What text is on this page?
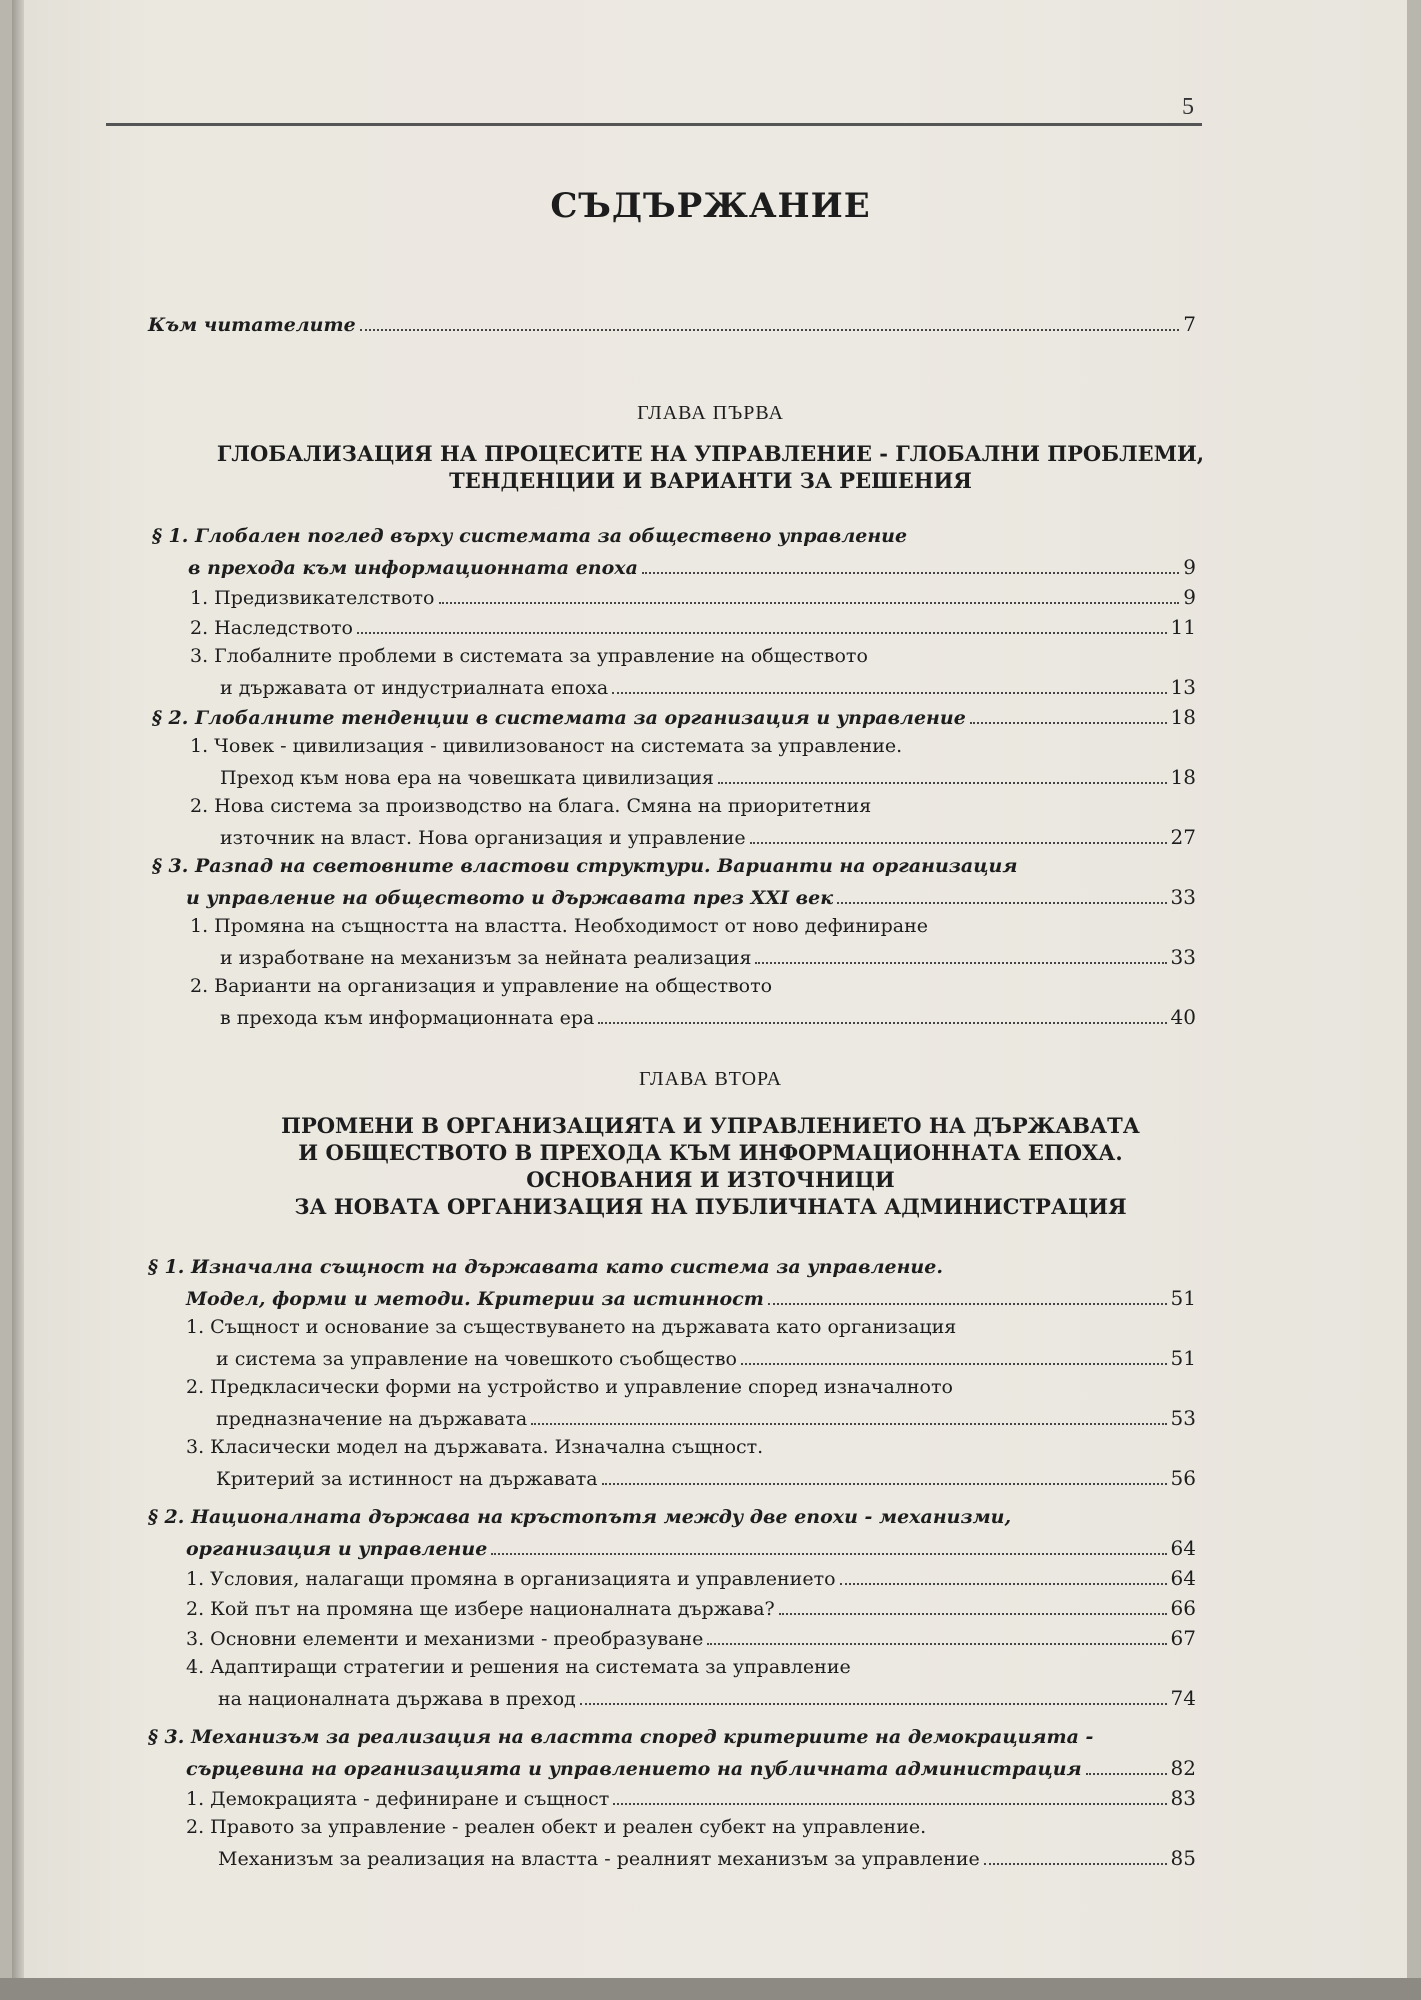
5
СЪДЪРЖАНИЕ
Към читателите	7
ГЛАВА ПЪРВА
ГЛОБАЛИЗАЦИЯ НА ПРОЦЕСИТЕ НА УПРАВЛЕНИЕ - ГЛОБАЛНИ ПРОБЛЕМИ,
ТЕНДЕНЦИИ И ВАРИАНТИ ЗА РЕШЕНИЯ
§ 1. Глобален поглед върху системата за обществено управление
в прехода към информационната епоха	9
1. Предизвикателството	9
2. Наследството	11
3. Глобалните проблеми в системата за управление на обществото
и държавата от индустриалната епоха	13
§ 2. Глобалните тенденции в системата за организация и управление	18
1. Човек - цивилизация - цивилизованост на системата за управление.
Преход към нова ера на човешката цивилизация	18
2. Нова система за производство на блага. Смяна на приоритетния
източник на власт. Нова организация и управление	27
§ 3. Разпад на световните властови структури. Варианти на организация
и управление на обществото и държавата през XXI век	33
1. Промяна на същността на властта. Необходимост от ново дефиниране
и изработване на механизъм за нейната реализация	33
2. Варианти на организация и управление на обществото
в прехода към информационната ера	40
ГЛАВА ВТОРА
ПРОМЕНИ В ОРГАНИЗАЦИЯТА И УПРАВЛЕНИЕТО НА ДЪРЖАВАТА
И ОБЩЕСТВОТО В ПРЕХОДА КЪМ ИНФОРМАЦИОННАТА ЕПОХА.
ОСНОВАНИЯ И ИЗТОЧНИЦИ
ЗА НОВАТА ОРГАНИЗАЦИЯ НА ПУБЛИЧНАТА АДМИНИСТРАЦИЯ
§ 1. Изначална същност на държавата като система за управление.
Модел, форми и методи. Критерии за истинност	51
1. Същност и основание за съществуването на държавата като организация
и система за управление на човешкото съобщество	51
2. Предкласически форми на устройство и управление според изначалното
предназначение на държавата	53
3. Класически модел на държавата. Изначална същност.
Критерий за истинност на държавата	56
§ 2. Националната държава на кръстопътя между две епохи - механизми,
организация и управление	64
1. Условия, налагащи промяна в организацията и управлението	64
2. Кой път на промяна ще избере националната държава?	66
3. Основни елементи и механизми - преобразуване	67
4. Адаптиращи стратегии и решения на системата за управление
на националната държава в преход	74
§ 3. Механизъм за реализация на властта според критериите на демокрацията -
сърцевина на организацията и управлението на публичната администрация	82
1. Демокрацията - дефиниране и същност	83
2. Правото за управление - реален обект и реален субект на управление.
Механизъм за реализация на властта - реалният механизъм за управление	85
